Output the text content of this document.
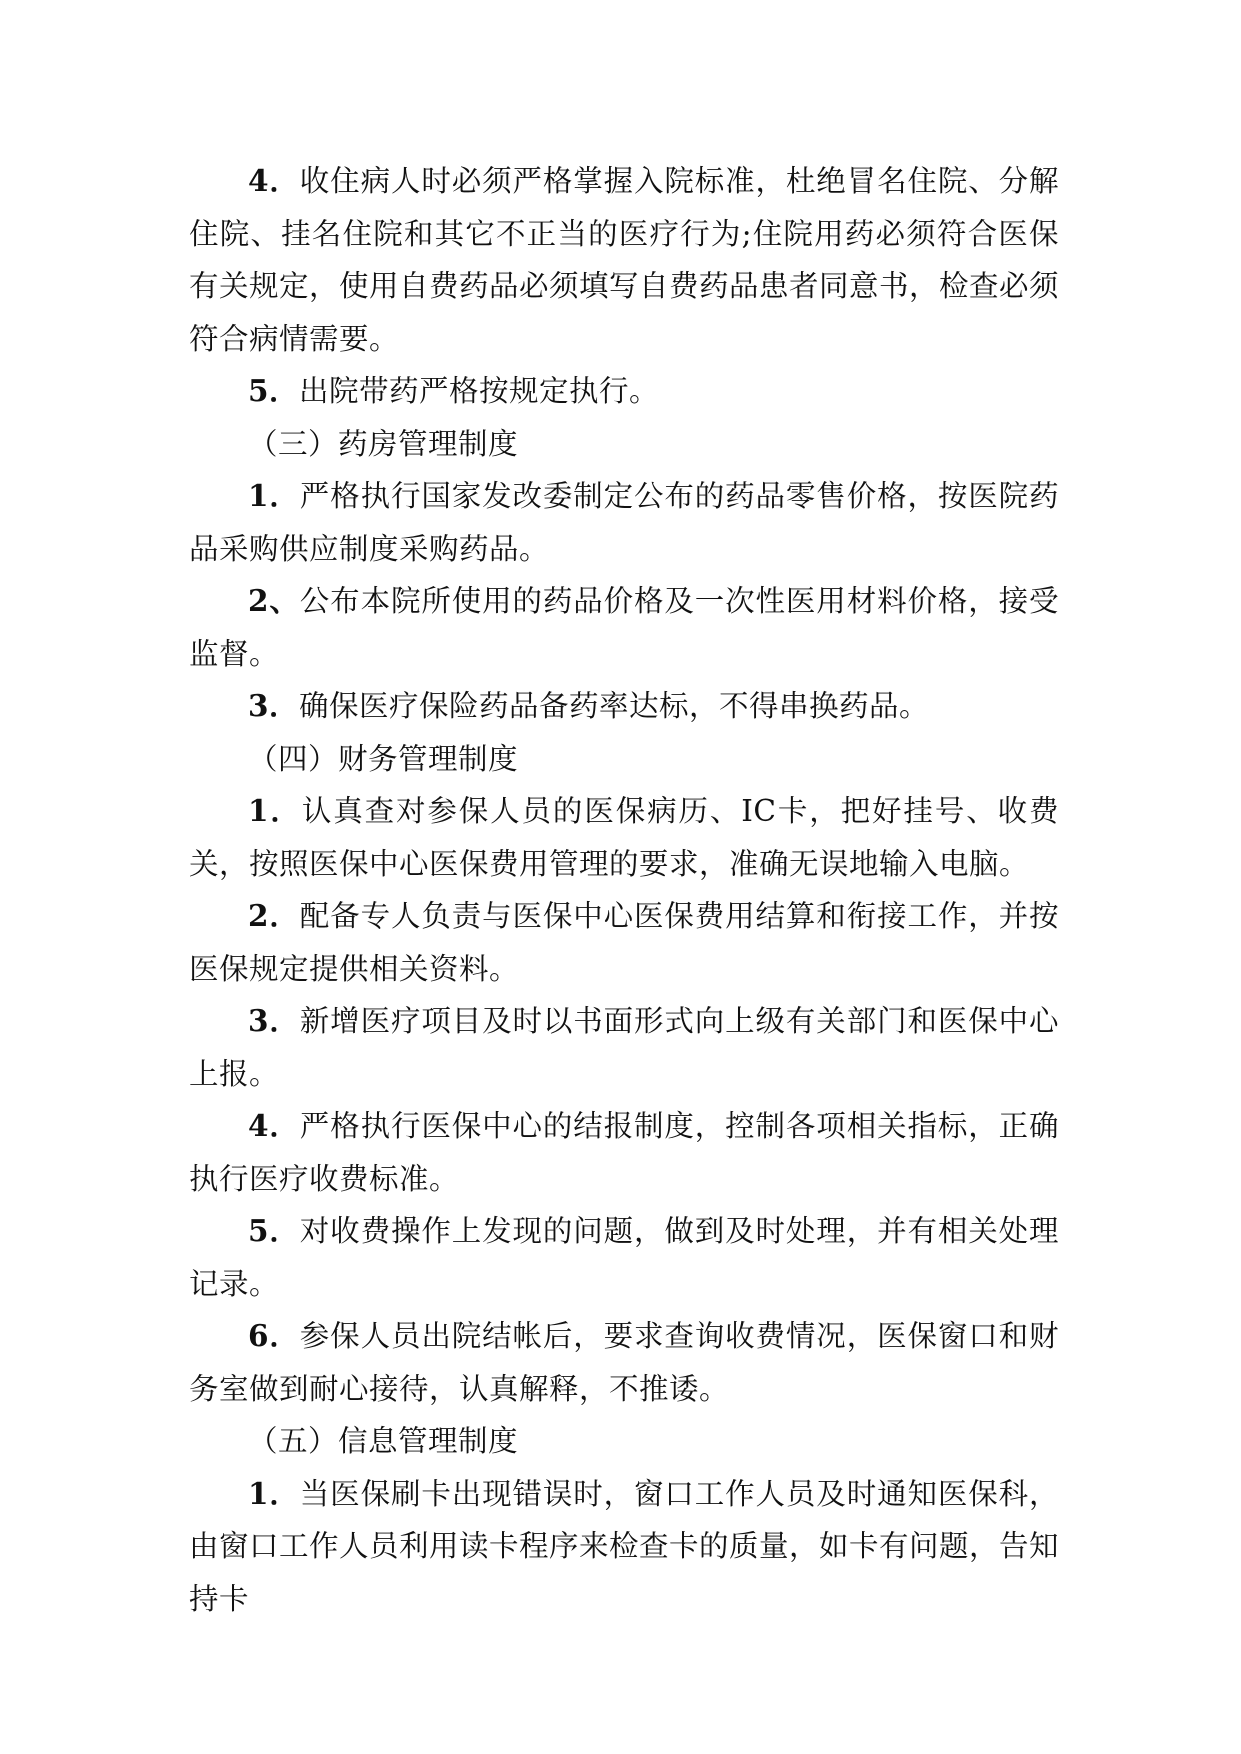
4．收住病人时必须严格掌握入院标准，杜绝冒名住院、分解住院、挂名住院和其它不正当的医疗行为;住院用药必须符合医保有关规定，使用自费药品必须填写自费药品患者同意书，检查必须符合病情需要。

5．出院带药严格按规定执行。

（三）药房管理制度

1．严格执行国家发改委制定公布的药品零售价格，按医院药品采购供应制度采购药品。

2、公布本院所使用的药品价格及一次性医用材料价格，接受监督。

3．确保医疗保险药品备药率达标，不得串换药品。

（四）财务管理制度

1．认真查对参保人员的医保病历、IC卡，把好挂号、收费关，按照医保中心医保费用管理的要求，准确无误地输入电脑。

2．配备专人负责与医保中心医保费用结算和衔接工作，并按医保规定提供相关资料。

3．新增医疗项目及时以书面形式向上级有关部门和医保中心上报。

4．严格执行医保中心的结报制度，控制各项相关指标，正确执行医疗收费标准。

5．对收费操作上发现的问题，做到及时处理，并有相关处理记录。

6．参保人员出院结帐后，要求查询收费情况，医保窗口和财务室做到耐心接待，认真解释，不推诿。

（五）信息管理制度

1．当医保刷卡出现错误时，窗口工作人员及时通知医保科，由窗口工作人员利用读卡程序来检查卡的质量，如卡有问题，告知持卡
